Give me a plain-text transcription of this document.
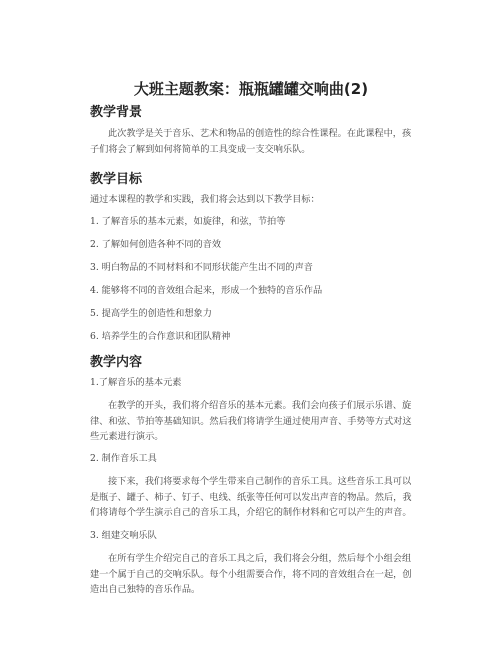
大班主题教案：瓶瓶罐罐交响曲(2)
教学背景

此次教学是关于音乐、艺术和物品的创造性的综合性课程。在此课程中，孩子们将会了解到如何将简单的工具变成一支交响乐队。

教学目标

通过本课程的教学和实践，我们将会达到以下教学目标：

1. 了解音乐的基本元素，如旋律，和弦，节拍等

2. 了解如何创造各种不同的音效

3. 明白物品的不同材料和不同形状能产生出不同的声音

4. 能够将不同的音效组合起来，形成一个独特的音乐作品

5. 提高学生的创造性和想象力

6. 培养学生的合作意识和团队精神

教学内容

1.了解音乐的基本元素

在教学的开头，我们将介绍音乐的基本元素。我们会向孩子们展示乐谱、旋律、和弦、节拍等基础知识。然后我们将请学生通过使用声音、手势等方式对这些元素进行演示。

2. 制作音乐工具

接下来，我们将要求每个学生带来自己制作的音乐工具。这些音乐工具可以是瓶子、罐子、柿子、钉子、电线、纸张等任何可以发出声音的物品。然后，我们将请每个学生演示自己的音乐工具，介绍它的制作材料和它可以产生的声音。

3. 组建交响乐队

在所有学生介绍完自己的音乐工具之后，我们将会分组，然后每个小组会组建一个属于自己的交响乐队。每个小组需要合作，将不同的音效组合在一起，创造出自己独特的音乐作品。
